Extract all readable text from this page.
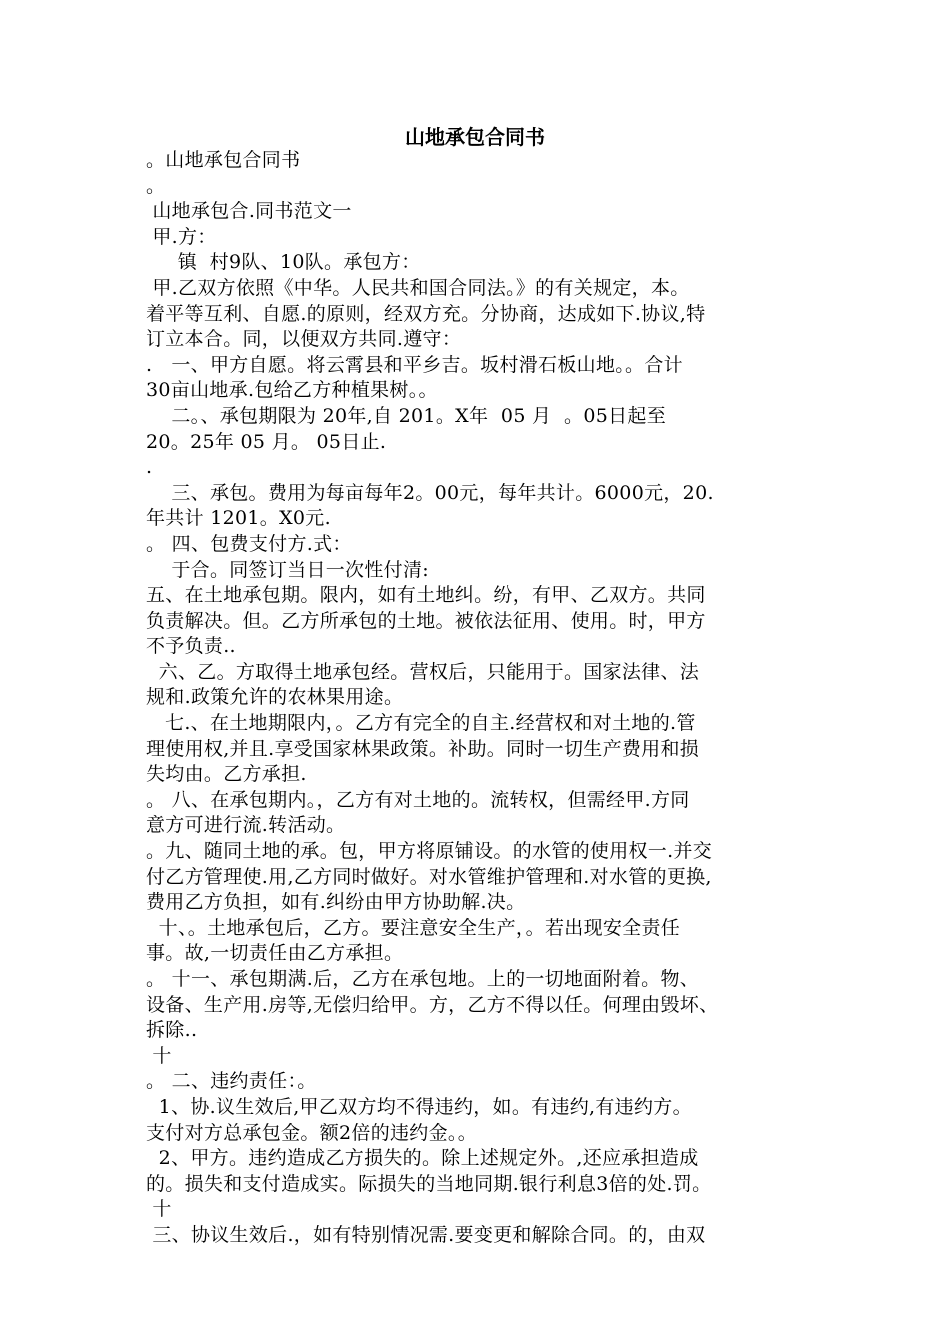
山地承包合同书
。山地承包合同书
。
山地承包合.同书范文一
甲.方：
镇  村9队、10队。承包方：
甲.乙双方依照《中华。人民共和国合同法。》的有关规定，本。
着平等互利、自愿.的原则，经双方充。分协商，达成如下.协议,特
订立本合。同，以便双方共同.遵守：
.   一、甲方自愿。将云霄县和平乡吉。坂村滑石板山地。。合计
30亩山地承.包给乙方种植果树。。
二。、承包期限为 20年,自 201。X年  05 月  。05日起至
20。25年 05 月。 05日止.
.
三、承包。费用为每亩每年2。00元，每年共计。6000元，20.
年共计 1201。X0元.
。 四、包费支付方.式：
于合。同签订当日一次性付清:
五、在土地承包期。限内，如有土地纠。纷，有甲、乙双方。共同
负责解决。但。乙方所承包的土地。被依法征用、使用。时，甲方
不予负责..
六、乙。方取得土地承包经。营权后，只能用于。国家法律、法
规和.政策允许的农林果用途。
七.、在土地期限内，。乙方有完全的自主.经营权和对土地的.管
理使用权,并且.享受国家林果政策。补助。同时一切生产费用和损
失均由。乙方承担.
。 八、在承包期内。，乙方有对土地的。流转权，但需经甲.方同
意方可进行流.转活动。
。九、随同土地的承。包，甲方将原铺设。的水管的使用权一.并交
付乙方管理使.用,乙方同时做好。对水管维护管理和.对水管的更换,
费用乙方负担，如有.纠纷由甲方协助解.决。
十、。土地承包后，乙方。要注意安全生产，。若出现安全责任
事。故,一切责任由乙方承担。
。 十一、承包期满.后，乙方在承包地。上的一切地面附着。物、
设备、生产用.房等,无偿归给甲。方，乙方不得以任。何理由毁坏、
拆除..
十
。 二、违约责任：。
1、协.议生效后,甲乙双方均不得违约，如。有违约,有违约方。
支付对方总承包金。额2倍的违约金。。
2、甲方。违约造成乙方损失的。除上述规定外。,还应承担造成
的。损失和支付造成实。际损失的当地同期.银行利息3倍的处.罚。
十
三、协议生效后.，如有特别情况需.要变更和解除合同。的，由双
